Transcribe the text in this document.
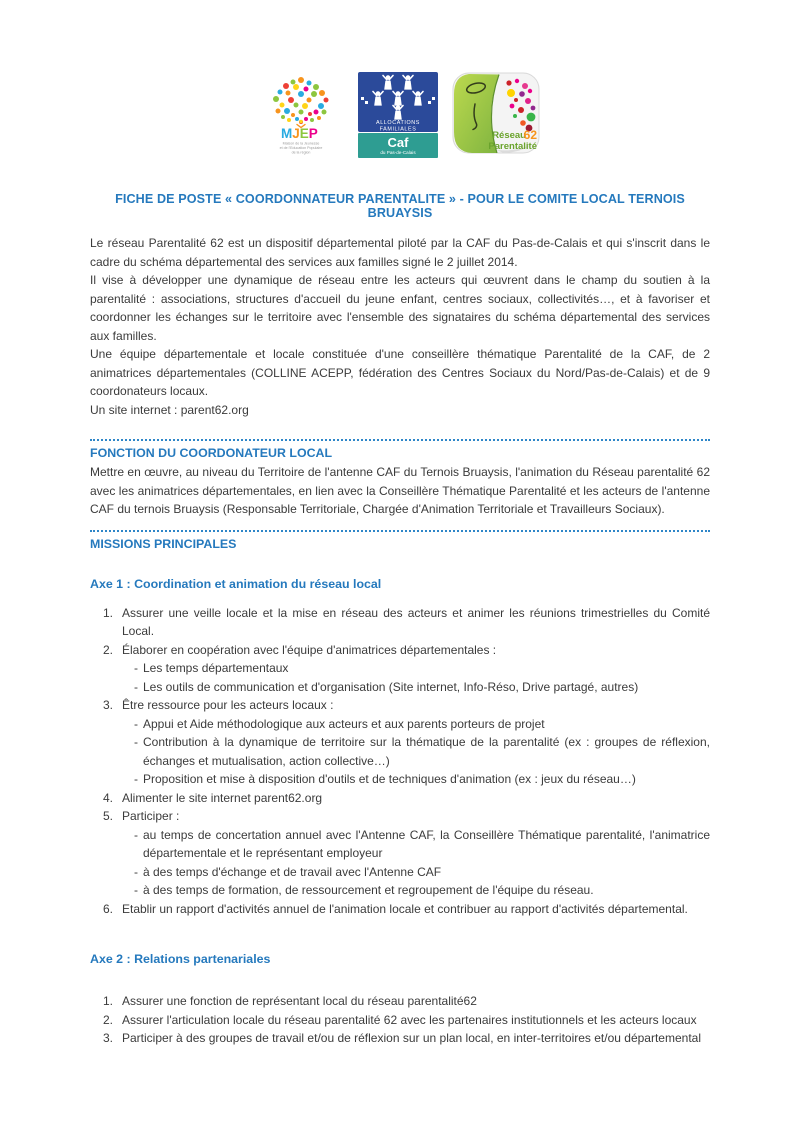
MJEP
Maison de la Jeunesse
et de l'Education Populaire
de la région
ALLOCATIONS
FAMILIALES
Caf
du Pas-de-Calais
Réseau
62
Parentalité
FICHE DE POSTE « COORDONNATEUR PARENTALITE » - POUR LE COMITE LOCAL TERNOIS BRUAYSIS

Le réseau Parentalité 62 est un dispositif départemental piloté par la CAF du Pas-de-Calais et qui s'inscrit dans le cadre du schéma départemental des services aux familles signé le 2 juillet 2014.

Il vise à développer une dynamique de réseau entre les acteurs qui œuvrent dans le champ du soutien à la parentalité : associations, structures d'accueil du jeune enfant, centres sociaux, collectivités…, et à favoriser et coordonner les échanges sur le territoire avec l'ensemble des signataires du schéma départemental des services aux familles.

Une équipe départementale et locale constituée d'une conseillère thématique Parentalité de la CAF, de 2 animatrices départementales (COLLINE ACEPP, fédération des Centres Sociaux du Nord/Pas-de-Calais) et de 9 coordonateurs locaux.

Un site internet : parent62.org

FONCTION DU COORDONATEUR LOCAL
Mettre en œuvre, au niveau du Territoire de l'antenne CAF du Ternois Bruaysis, l'animation du Réseau parentalité 62 avec les animatrices départementales, en lien avec la Conseillère Thématique Parentalité et les acteurs de l'antenne CAF du ternois Bruaysis (Responsable Territoriale, Chargée d'Animation Territoriale et Travailleurs Sociaux).
MISSIONS PRINCIPALES
Axe 1 : Coordination et animation du réseau local
1. Assurer une veille locale et la mise en réseau des acteurs et animer les réunions trimestrielles du Comité Local.
2. Élaborer en coopération avec l'équipe d'animatrices départementales :
- Les temps départementaux
- Les outils de communication et d'organisation (Site internet, Info-Réso, Drive partagé, autres)
3. Être ressource pour les acteurs locaux :
- Appui et Aide méthodologique aux acteurs et aux parents porteurs de projet
- Contribution à la dynamique de territoire sur la thématique de la parentalité (ex : groupes de réflexion, échanges et mutualisation, action collective…)
- Proposition et mise à disposition d'outils et de techniques d'animation (ex : jeux du réseau…)
4. Alimenter le site internet parent62.org
5. Participer :
- au temps de concertation annuel avec l'Antenne CAF, la Conseillère Thématique parentalité, l'animatrice départementale et le représentant employeur
- à des temps d'échange et de travail avec l'Antenne CAF
- à des temps de formation, de ressourcement et regroupement de l'équipe du réseau.
6. Etablir un rapport d'activités annuel de l'animation locale et contribuer au rapport d'activités départemental.
Axe 2 : Relations partenariales
1. Assurer une fonction de représentant local du réseau parentalité62
2. Assurer l'articulation locale du réseau parentalité 62 avec les partenaires institutionnels et les acteurs locaux
3. Participer à des groupes de travail et/ou de réflexion sur un plan local, en inter-territoires et/ou départemental
